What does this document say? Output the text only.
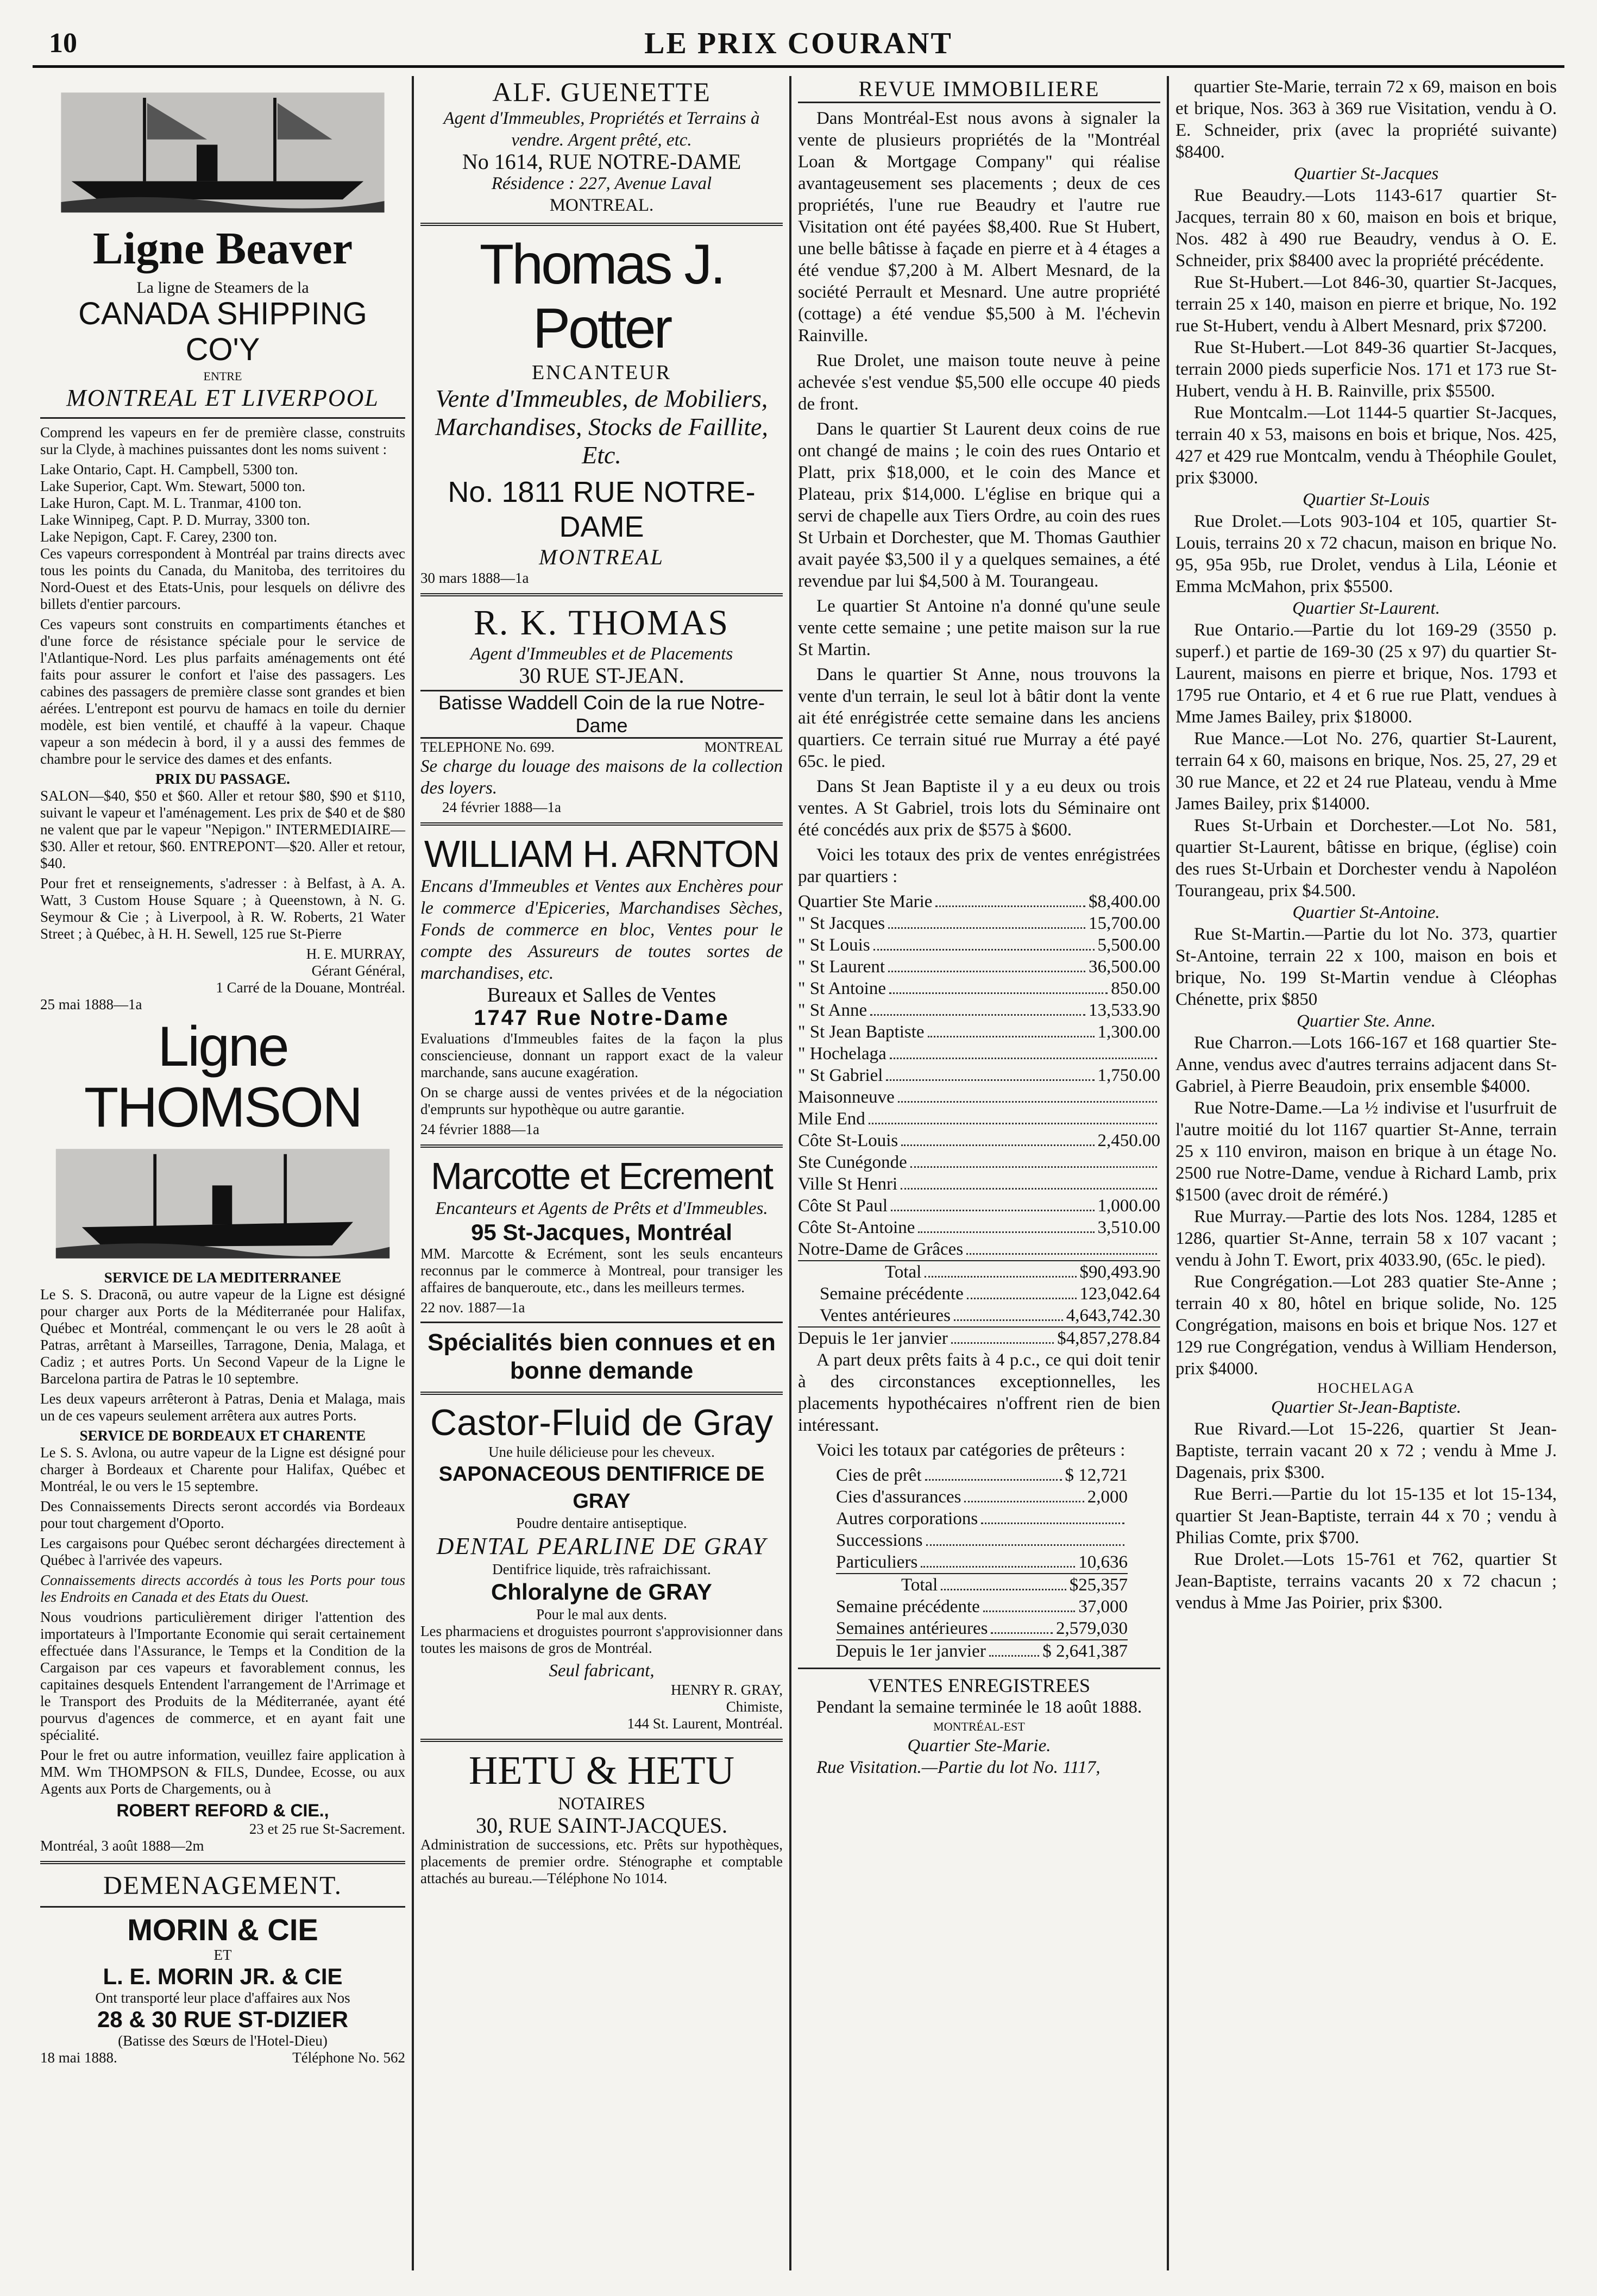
10	LE PRIX COURANT
Ligne Beaver
La ligne de Steamers de la
CANADA SHIPPING CO'Y
ENTRE
MONTREAL ET LIVERPOOL

Comprend les vapeurs en fer de première classe, construits sur la Clyde, à machines puissantes dont les noms suivent :

Lake Ontario, Capt. H. Campbell, 5300 ton.
Lake Superior, Capt. Wm. Stewart, 5000 ton.
Lake Huron, Capt. M. L. Tranmar, 4100 ton.
Lake Winnipeg, Capt. P. D. Murray, 3300 ton.
Lake Nepigon, Capt. F. Carey, 2300 ton.

Ces vapeurs correspondent à Montréal par trains directs avec tous les points du Canada, du Manitoba, des territoires du Nord-Ouest et des Etats-Unis, pour lesquels on délivre des billets d'entier parcours.

Ces vapeurs sont construits en compartiments étanches et d'une force de résistance spéciale pour le service de l'Atlantique-Nord. Les plus parfaits aménagements ont été faits pour assurer le confort et l'aise des passagers. Les cabines des passagers de première classe sont grandes et bien aérées. L'entrepont est pourvu de hamacs en toile du dernier modèle, est bien ventilé, et chauffé à la vapeur. Chaque vapeur a son médecin à bord, il y a aussi des femmes de chambre pour le service des dames et des enfants.

PRIX DU PASSAGE.

SALON—$40, $50 et $60. Aller et retour $80, $90 et $110, suivant le vapeur et l'aménagement. Les prix de $40 et de $80 ne valent que par le vapeur "Nepigon." INTERMEDIAIRE—$30. Aller et retour, $60. ENTREPONT—$20. Aller et retour, $40.

Pour fret et renseignements, s'adresser : à Belfast, à A. A. Watt, 3 Custom House Square ; à Queenstown, à N. G. Seymour & Cie ; à Liverpool, à R. W. Roberts, 21 Water Street ; à Québec, à H. H. Sewell, 125 rue St-Pierre

H. E. MURRAY,
Gérant Général,
1 Carré de la Douane, Montréal.
25 mai 1888—1a
Ligne THOMSON
SERVICE DE LA MEDITERRANEE

Le S. S. Draconā, ou autre vapeur de la Ligne est désigné pour charger aux Ports de la Méditerranée pour Halifax, Québec et Montréal, commençant le ou vers le 28 août à Patras, arrêtant à Marseilles, Tarragone, Denia, Malaga, et Cadiz ; et autres Ports. Un Second Vapeur de la Ligne le Barcelona partira de Patras le 10 septembre.

Les deux vapeurs arrêteront à Patras, Denia et Malaga, mais un de ces vapeurs seulement arrêtera aux autres Ports.

SERVICE DE BORDEAUX ET CHARENTE

Le S. S. Avlona, ou autre vapeur de la Ligne est désigné pour charger à Bordeaux et Charente pour Halifax, Québec et Montréal, le ou vers le 15 septembre.

Des Connaissements Directs seront accordés via Bordeaux pour tout chargement d'Oporto.

Les cargaisons pour Québec seront déchargées directement à Québec à l'arrivée des vapeurs.

Connaissements directs accordés à tous les Ports pour tous les Endroits en Canada et des Etats du Ouest.

Nous voudrions particulièrement diriger l'attention des importateurs à l'Importante Economie qui serait certainement effectuée dans l'Assurance, le Temps et la Condition de la Cargaison par ces vapeurs et favorablement connus, les capitaines desquels Entendent l'arrangement de l'Arrimage et le Transport des Produits de la Méditerranée, ayant été pourvus d'agences de commerce, et en ayant fait une spécialité.

Pour le fret ou autre information, veuillez faire application à MM. Wm THOMPSON & FILS, Dundee, Ecosse, ou aux Agents aux Ports de Chargements, ou à

ROBERT REFORD & CIE.,
23 et 25 rue St-Sacrement.
Montréal, 3 août 1888—2m
DEMENAGEMENT.
MORIN & CIE
ET
L. E. MORIN JR. & CIE
Ont transporté leur place d'affaires aux Nos
28 & 30 RUE ST-DIZIER
(Batisse des Sœurs de l'Hotel-Dieu)
18 mai 1888.	Téléphone No. 562
ALF. GUENETTE
Agent d'Immeubles, Propriétés et Terrains à vendre. Argent prêté, etc.
No 1614, RUE NOTRE-DAME
Résidence : 227, Avenue Laval
MONTREAL.
Thomas J. Potter
ENCANTEUR
Vente d'Immeubles, de Mobiliers, Marchandises, Stocks de Faillite, Etc.
No. 1811 RUE NOTRE-DAME
MONTREAL
30 mars 1888—1a
R. K. THOMAS
Agent d'Immeubles et de Placements
30 RUE ST-JEAN.
Batisse Waddell Coin de la rue Notre-Dame
TELEPHONE No. 699.	MONTREAL
Se charge du louage des maisons de la collection des loyers.
24 février 1888—1a
WILLIAM H. ARNTON
Encans d'Immeubles et Ventes aux Enchères pour le commerce d'Epiceries, Marchandises Sèches, Fonds de commerce en bloc, Ventes pour le compte des Assureurs de toutes sortes de marchandises, etc.
Bureaux et Salles de Ventes
1747 Rue Notre-Dame

Evaluations d'Immeubles faites de la façon la plus consciencieuse, donnant un rapport exact de la valeur marchande, sans aucune exagération.

On se charge aussi de ventes privées et de la négociation d'emprunts sur hypothèque ou autre garantie.

24 février 1888—1a
Marcotte et Ecrement
Encanteurs et Agents de Prêts et d'Immeubles.
95 St-Jacques, Montréal

MM. Marcotte & Ecrément, sont les seuls encanteurs reconnus par le commerce à Montreal, pour transiger les affaires de banqueroute, etc., dans les meilleurs termes.

22 nov. 1887—1a
Spécialités bien connues et en bonne demande
Castor-Fluid de Gray
Une huile délicieuse pour les cheveux.
SAPONACEOUS DENTIFRICE DE GRAY
Poudre dentaire antiseptique.
DENTAL PEARLINE DE GRAY
Dentifrice liquide, très rafraichissant.
Chloralyne de GRAY
Pour le mal aux dents.

Les pharmaciens et droguistes pourront s'approvisionner dans toutes les maisons de gros de Montréal.

Seul fabricant,
HENRY R. GRAY,
Chimiste,
144 St. Laurent, Montréal.
HETU & HETU
NOTAIRES
30, RUE SAINT-JACQUES.

Administration de successions, etc. Prêts sur hypothèques, placements de premier ordre. Sténographe et comptable attachés au bureau.—Téléphone No 1014.

REVUE IMMOBILIERE

Dans Montréal-Est nous avons à signaler la vente de plusieurs propriétés de la "Montréal Loan & Mortgage Company" qui réalise avantageusement ses placements ; deux de ces propriétés, l'une rue Beaudry et l'autre rue Visitation ont été payées $8,400. Rue St Hubert, une belle bâtisse à façade en pierre et à 4 étages a été vendue $7,200 à M. Albert Mesnard, de la société Perrault et Mesnard. Une autre propriété (cottage) a été vendue $5,500 à M. l'échevin Rainville.

Rue Drolet, une maison toute neuve à peine achevée s'est vendue $5,500 elle occupe 40 pieds de front.

Dans le quartier St Laurent deux coins de rue ont changé de mains ; le coin des rues Ontario et Platt, prix $18,000, et le coin des Mance et Plateau, prix $14,000. L'église en brique qui a servi de chapelle aux Tiers Ordre, au coin des rues St Urbain et Dorchester, que M. Thomas Gauthier avait payée $3,500 il y a quelques semaines, a été revendue par lui $4,500 à M. Tourangeau.

Le quartier St Antoine n'a donné qu'une seule vente cette semaine ; une petite maison sur la rue St Martin.

Dans le quartier St Anne, nous trouvons la vente d'un terrain, le seul lot à bâtir dont la vente ait été enrégistrée cette semaine dans les anciens quartiers. Ce terrain situé rue Murray a été payé 65c. le pied.

Dans St Jean Baptiste il y a eu deux ou trois ventes. A St Gabriel, trois lots du Séminaire ont été concédés aux prix de $575 à $600.

Voici les totaux des prix de ventes enrégistrées par quartiers :

Quartier Ste Marie	$8,400.00
" St Jacques	15,700.00
" St Louis	5,500.00
" St Laurent	36,500.00
" St Antoine	850.00
" St Anne	13,533.90
" St Jean Baptiste	1,300.00
" Hochelaga
" St Gabriel	1,750.00
Maisonneuve
Mile End
Côte St-Louis	2,450.00
Ste Cunégonde
Ville St Henri
Côte St Paul	1,000.00
Côte St-Antoine	3,510.00
Notre-Dame de Grâces
Total	$90,493.90
Semaine précédente	123,042.64
Ventes antérieures	4,643,742.30
Depuis le 1er janvier	$4,857,278.84

A part deux prêts faits à 4 p.c., ce qui doit tenir à des circonstances exceptionnelles, les placements hypothécaires n'offrent rien de bien intéressant.

Voici les totaux par catégories de prêteurs :

Cies de prêt	$ 12,721
Cies d'assurances	2,000
Autres corporations
Successions
Particuliers	10,636
Total	$25,357
Semaine précédente	37,000
Semaines antérieures	2,579,030
Depuis le 1er janvier	$ 2,641,387
VENTES ENREGISTREES
Pendant la semaine terminée le 18 août 1888.
MONTRÉAL-EST
Quartier Ste-Marie.
Rue Visitation.—Partie du lot No. 1117,
quartier Ste-Marie, terrain 72 x 69, maison en bois et brique, Nos. 363 à 369 rue Visitation, vendu à O. E. Schneider, prix (avec la propriété suivante) $8400.
Quartier St-Jacques
Rue Beaudry.—Lots 1143-617 quartier St-Jacques, terrain 80 x 60, maison en bois et brique, Nos. 482 à 490 rue Beaudry, vendus à O. E. Schneider, prix $8400 avec la propriété précédente.
Rue St-Hubert.—Lot 846-30, quartier St-Jacques, terrain 25 x 140, maison en pierre et brique, No. 192 rue St-Hubert, vendu à Albert Mesnard, prix $7200.
Rue St-Hubert.—Lot 849-36 quartier St-Jacques, terrain 2000 pieds superficie Nos. 171 et 173 rue St-Hubert, vendu à H. B. Rainville, prix $5500.
Rue Montcalm.—Lot 1144-5 quartier St-Jacques, terrain 40 x 53, maisons en bois et brique, Nos. 425, 427 et 429 rue Montcalm, vendu à Théophile Goulet, prix $3000.
Quartier St-Louis
Rue Drolet.—Lots 903-104 et 105, quartier St-Louis, terrains 20 x 72 chacun, maison en brique No. 95, 95a 95b, rue Drolet, vendus à Lila, Léonie et Emma McMahon, prix $5500.
Quartier St-Laurent.
Rue Ontario.—Partie du lot 169-29 (3550 p. superf.) et partie de 169-30 (25 x 97) du quartier St-Laurent, maisons en pierre et brique, Nos. 1793 et 1795 rue Ontario, et 4 et 6 rue rue Platt, vendues à Mme James Bailey, prix $18000.
Rue Mance.—Lot No. 276, quartier St-Laurent, terrain 64 x 60, maisons en brique, Nos. 25, 27, 29 et 30 rue Mance, et 22 et 24 rue Plateau, vendu à Mme James Bailey, prix $14000.
Rues St-Urbain et Dorchester.—Lot No. 581, quartier St-Laurent, bâtisse en brique, (église) coin des rues St-Urbain et Dorchester vendu à Napoléon Tourangeau, prix $4.500.
Quartier St-Antoine.
Rue St-Martin.—Partie du lot No. 373, quartier St-Antoine, terrain 22 x 100, maison en bois et brique, No. 199 St-Martin vendue à Cléophas Chénette, prix $850
Quartier Ste. Anne.
Rue Charron.—Lots 166-167 et 168 quartier Ste-Anne, vendus avec d'autres terrains adjacent dans St-Gabriel, à Pierre Beaudoin, prix ensemble $4000.
Rue Notre-Dame.—La ½ indivise et l'usurfruit de l'autre moitié du lot 1167 quartier St-Anne, terrain 25 x 110 environ, maison en brique à un étage No. 2500 rue Notre-Dame, vendue à Richard Lamb, prix $1500 (avec droit de réméré.)
Rue Murray.—Partie des lots Nos. 1284, 1285 et 1286, quartier St-Anne, terrain 58 x 107 vacant ; vendu à John T. Ewort, prix 4033.90, (65c. le pied).
Rue Congrégation.—Lot 283 quatier Ste-Anne ; terrain 40 x 80, hôtel en brique solide, No. 125 Congrégation, maisons en bois et brique Nos. 127 et 129 rue Congrégation, vendus à William Henderson, prix $4000.
HOCHELAGA
Quartier St-Jean-Baptiste.
Rue Rivard.—Lot 15-226, quartier St Jean-Baptiste, terrain vacant 20 x 72 ; vendu à Mme J. Dagenais, prix $300.
Rue Berri.—Partie du lot 15-135 et lot 15-134, quartier St Jean-Baptiste, terrain 44 x 70 ; vendu à Philias Comte, prix $700.
Rue Drolet.—Lots 15-761 et 762, quartier St Jean-Baptiste, terrains vacants 20 x 72 chacun ; vendus à Mme Jas Poirier, prix $300.
